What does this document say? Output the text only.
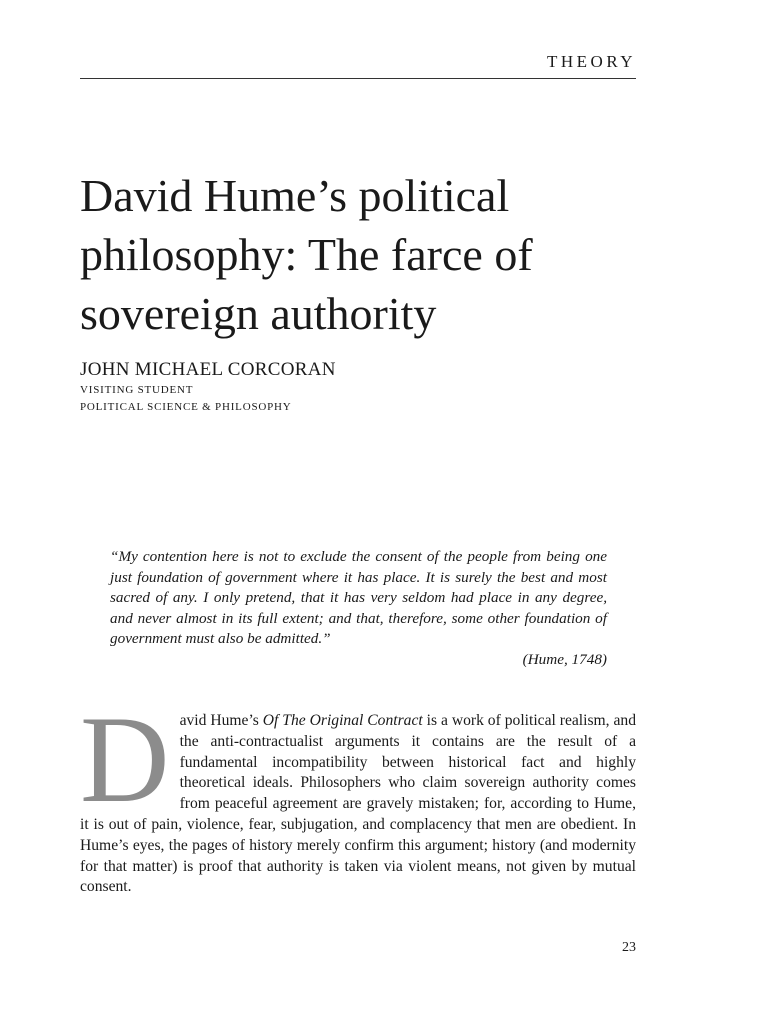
THEORY
David Hume’s political philosophy: The farce of sovereign authority
JOHN MICHAEL CORCORAN
VISITING STUDENT
POLITICAL SCIENCE & PHILOSOPHY
“My contention here is not to exclude the consent of the people from being one just foundation of government where it has place. It is surely the best and most sacred of any. I only pretend, that it has very seldom had place in any degree, and never almost in its full extent; and that, therefore, some other foundation of government must also be admitted.”
(Hume, 1748)
David Hume’s Of The Original Contract is a work of political realism, and the anti-contractualist arguments it contains are the result of a fundamental incompatibility between historical fact and highly theoretical ideals. Philosophers who claim sovereign authority comes from peaceful agreement are gravely mistaken; for, according to Hume, it is out of pain, violence, fear, subjugation, and complacency that men are obedient. In Hume’s eyes, the pages of history merely confirm this argument; history (and modernity for that matter) is proof that authority is taken via violent means, not given by mutual consent.
23
